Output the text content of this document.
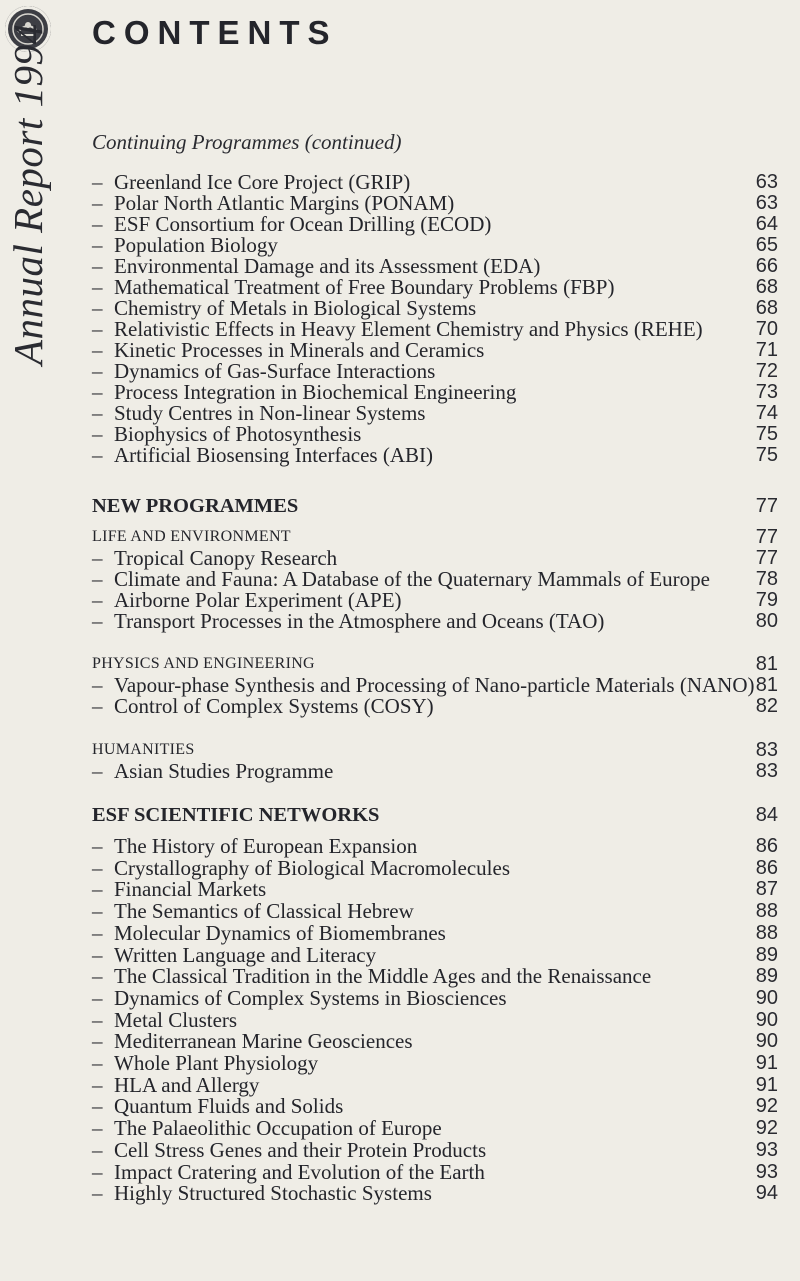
Annual Report 1994 CONTENTS
Continuing Programmes (continued)
– Greenland Ice Core Project (GRIP)	63
– Polar North Atlantic Margins (PONAM)	63
– ESF Consortium for Ocean Drilling (ECOD)	64
– Population Biology	65
– Environmental Damage and its Assessment (EDA)	66
– Mathematical Treatment of Free Boundary Problems (FBP)	68
– Chemistry of Metals in Biological Systems	68
– Relativistic Effects in Heavy Element Chemistry and Physics (REHE)	70
– Kinetic Processes in Minerals and Ceramics	71
– Dynamics of Gas-Surface Interactions	72
– Process Integration in Biochemical Engineering	73
– Study Centres in Non-linear Systems	74
– Biophysics of Photosynthesis	75
– Artificial Biosensing Interfaces (ABI)	75
NEW PROGRAMMES	77
LIFE AND ENVIRONMENT	77
– Tropical Canopy Research	77
– Climate and Fauna: A Database of the Quaternary Mammals of Europe	78
– Airborne Polar Experiment (APE)	79
– Transport Processes in the Atmosphere and Oceans (TAO)	80
PHYSICS AND ENGINEERING	81
– Vapour-phase Synthesis and Processing of Nano-particle Materials (NANO) 81
– Control of Complex Systems (COSY)	82
HUMANITIES	83
– Asian Studies Programme	83
ESF SCIENTIFIC NETWORKS	84
– The History of European Expansion	86
– Crystallography of Biological Macromolecules	86
– Financial Markets	87
– The Semantics of Classical Hebrew	88
– Molecular Dynamics of Biomembranes	88
– Written Language and Literacy	89
– The Classical Tradition in the Middle Ages and the Renaissance	89
– Dynamics of Complex Systems in Biosciences	90
– Metal Clusters	90
– Mediterranean Marine Geosciences	90
– Whole Plant Physiology	91
– HLA and Allergy	91
– Quantum Fluids and Solids	92
– The Palaeolithic Occupation of Europe	92
– Cell Stress Genes and their Protein Products	93
– Impact Cratering and Evolution of the Earth	93
– Highly Structured Stochastic Systems	94
